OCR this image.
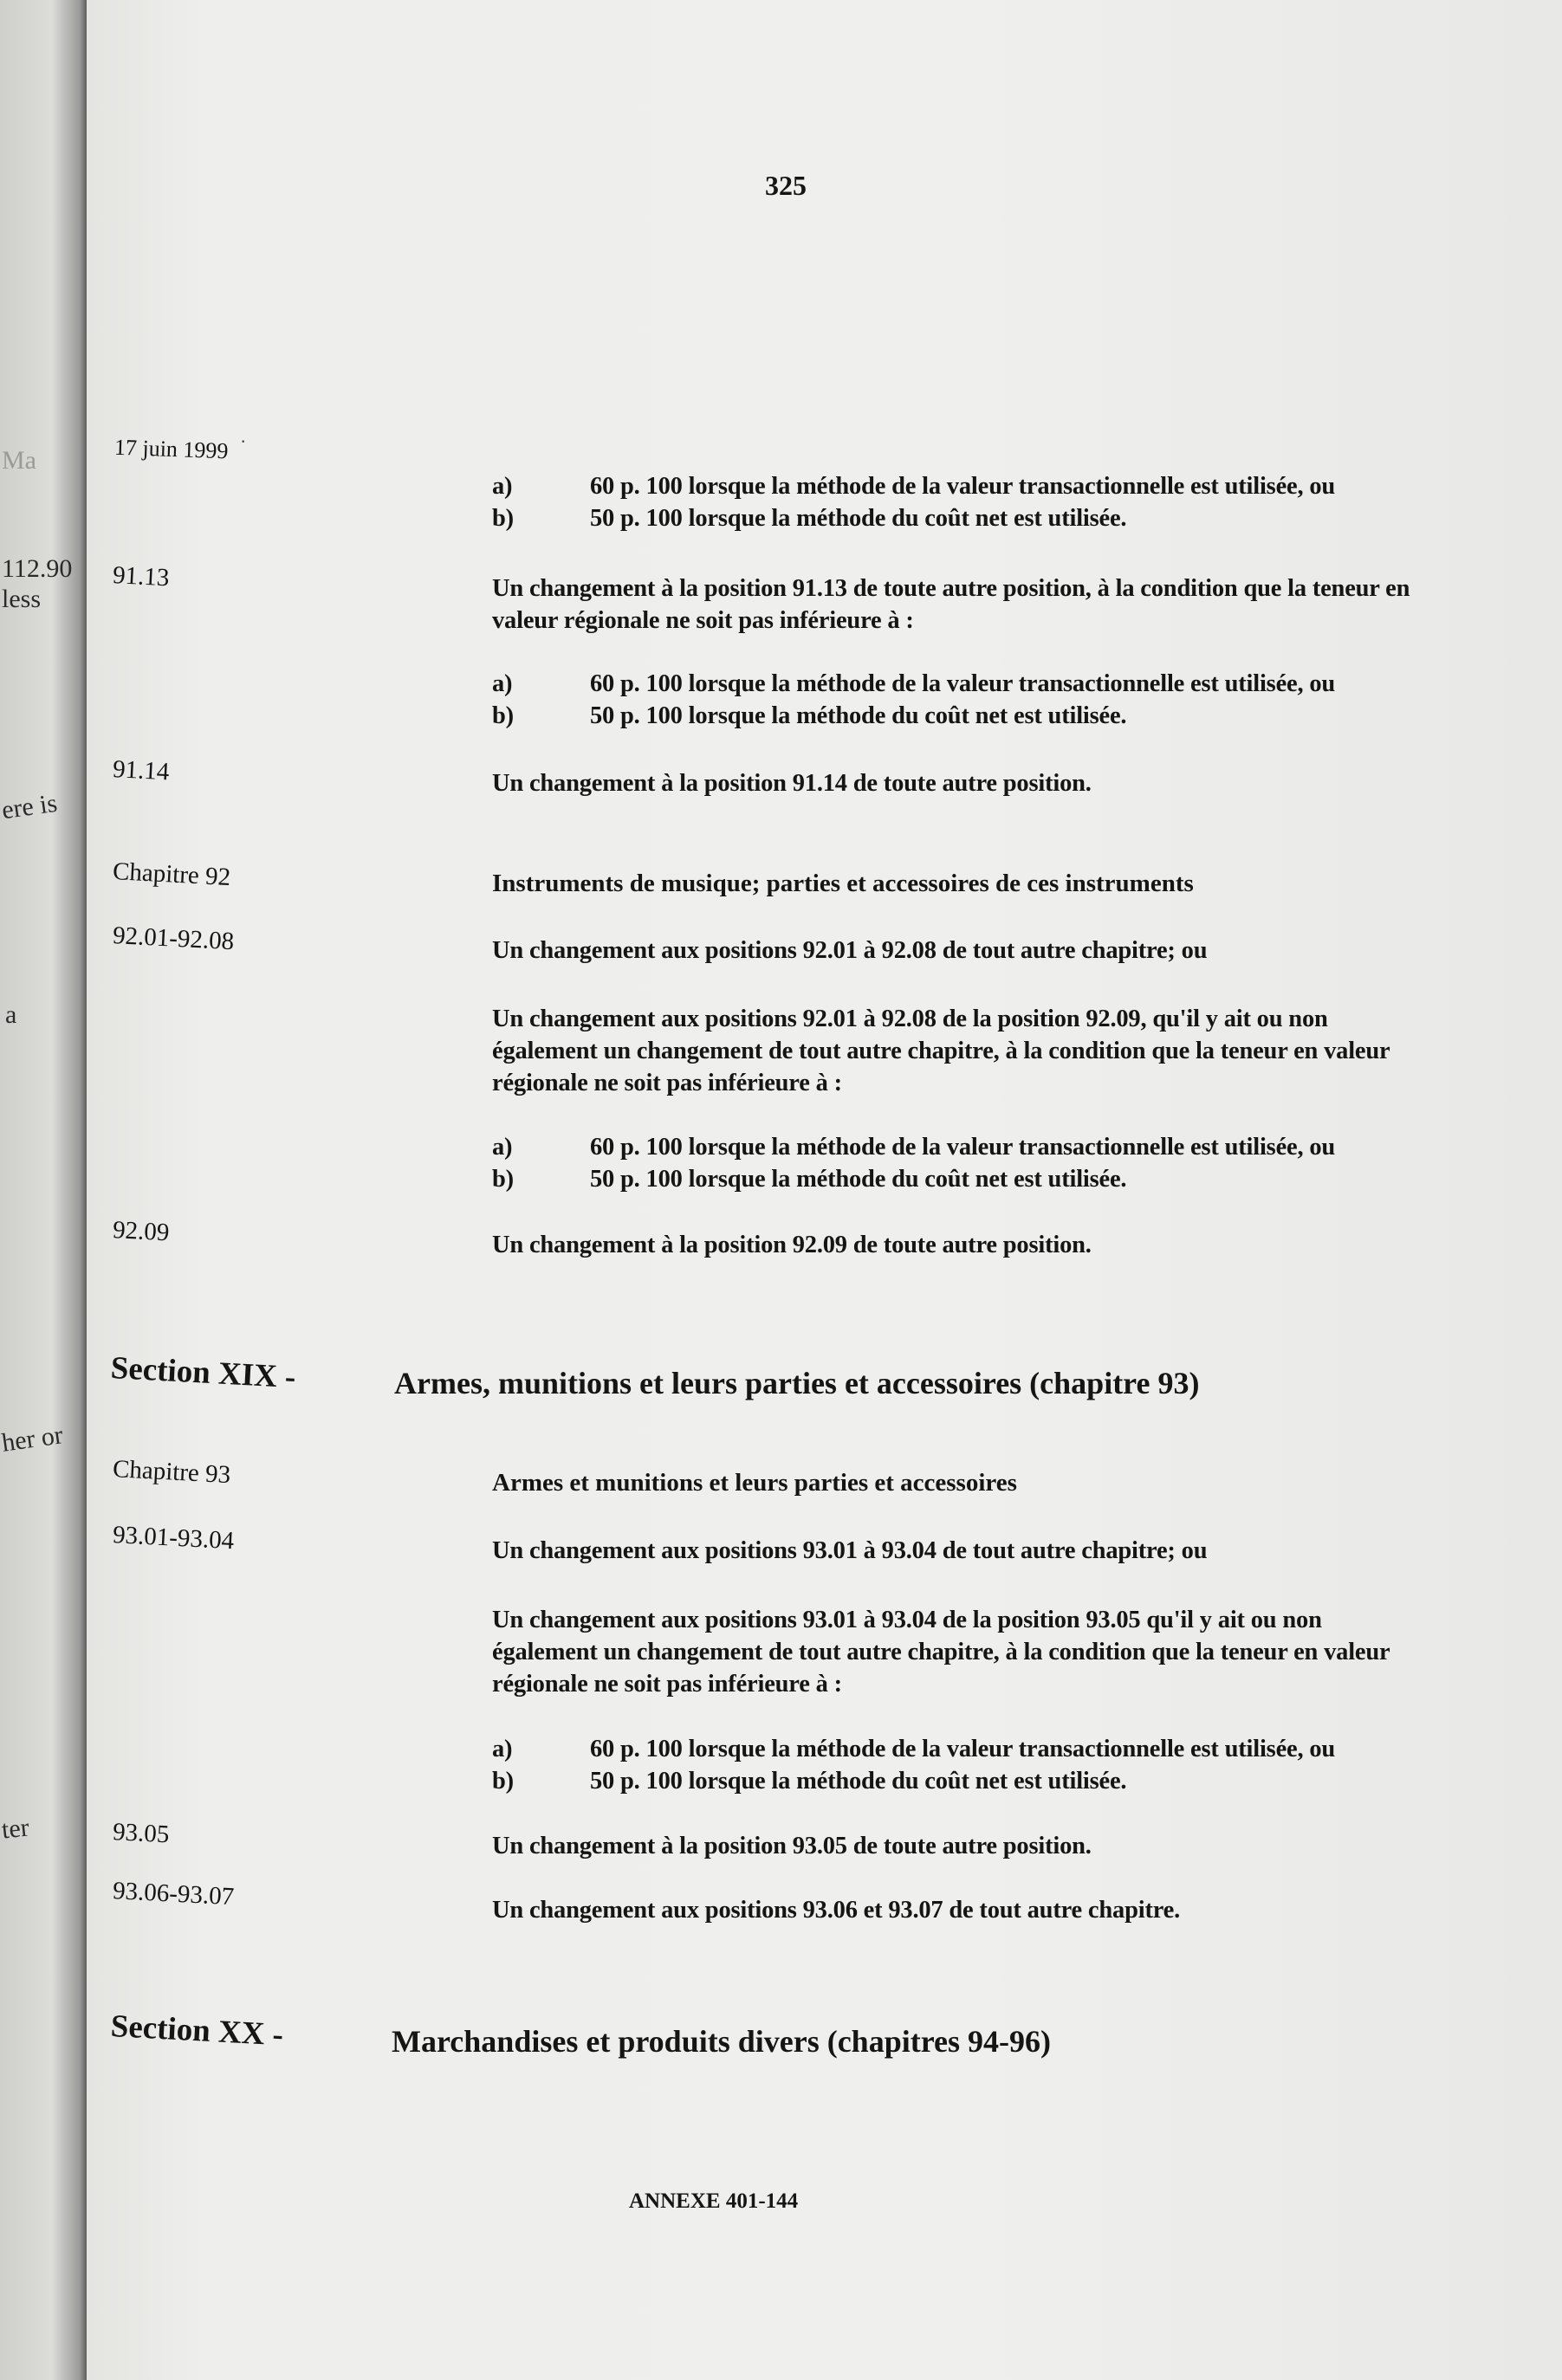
Ma
112.90
less
ere is
a
her or
ter
325
17 juin 1999 ·
a)	60 p. 100 lorsque la méthode de la valeur transactionnelle est utilisée, ou
b)	50 p. 100 lorsque la méthode du coût net est utilisée.
91.13	Un changement à la position 91.13 de toute autre position, à la condition que la teneur en
valeur régionale ne soit pas inférieure à :
a)	60 p. 100 lorsque la méthode de la valeur transactionnelle est utilisée, ou
b)	50 p. 100 lorsque la méthode du coût net est utilisée.
91.14	Un changement à la position 91.14 de toute autre position.
Chapitre 92	Instruments de musique; parties et accessoires de ces instruments
92.01-92.08	Un changement aux positions 92.01 à 92.08 de tout autre chapitre; ou
Un changement aux positions 92.01 à 92.08 de la position 92.09, qu'il y ait ou non
également un changement de tout autre chapitre, à la condition que la teneur en valeur
régionale ne soit pas inférieure à :
a)	60 p. 100 lorsque la méthode de la valeur transactionnelle est utilisée, ou
b)	50 p. 100 lorsque la méthode du coût net est utilisée.
92.09	Un changement à la position 92.09 de toute autre position.
Section XIX -	Armes, munitions et leurs parties et accessoires (chapitre 93)
Chapitre 93	Armes et munitions et leurs parties et accessoires
93.01-93.04	Un changement aux positions 93.01 à 93.04 de tout autre chapitre; ou
Un changement aux positions 93.01 à 93.04 de la position 93.05 qu'il y ait ou non
également un changement de tout autre chapitre, à la condition que la teneur en valeur
régionale ne soit pas inférieure à :
a)	60 p. 100 lorsque la méthode de la valeur transactionnelle est utilisée, ou
b)	50 p. 100 lorsque la méthode du coût net est utilisée.
93.05	Un changement à la position 93.05 de toute autre position.
93.06-93.07	Un changement aux positions 93.06 et 93.07 de tout autre chapitre.
Section XX -	Marchandises et produits divers (chapitres 94-96)
ANNEXE 401-144
